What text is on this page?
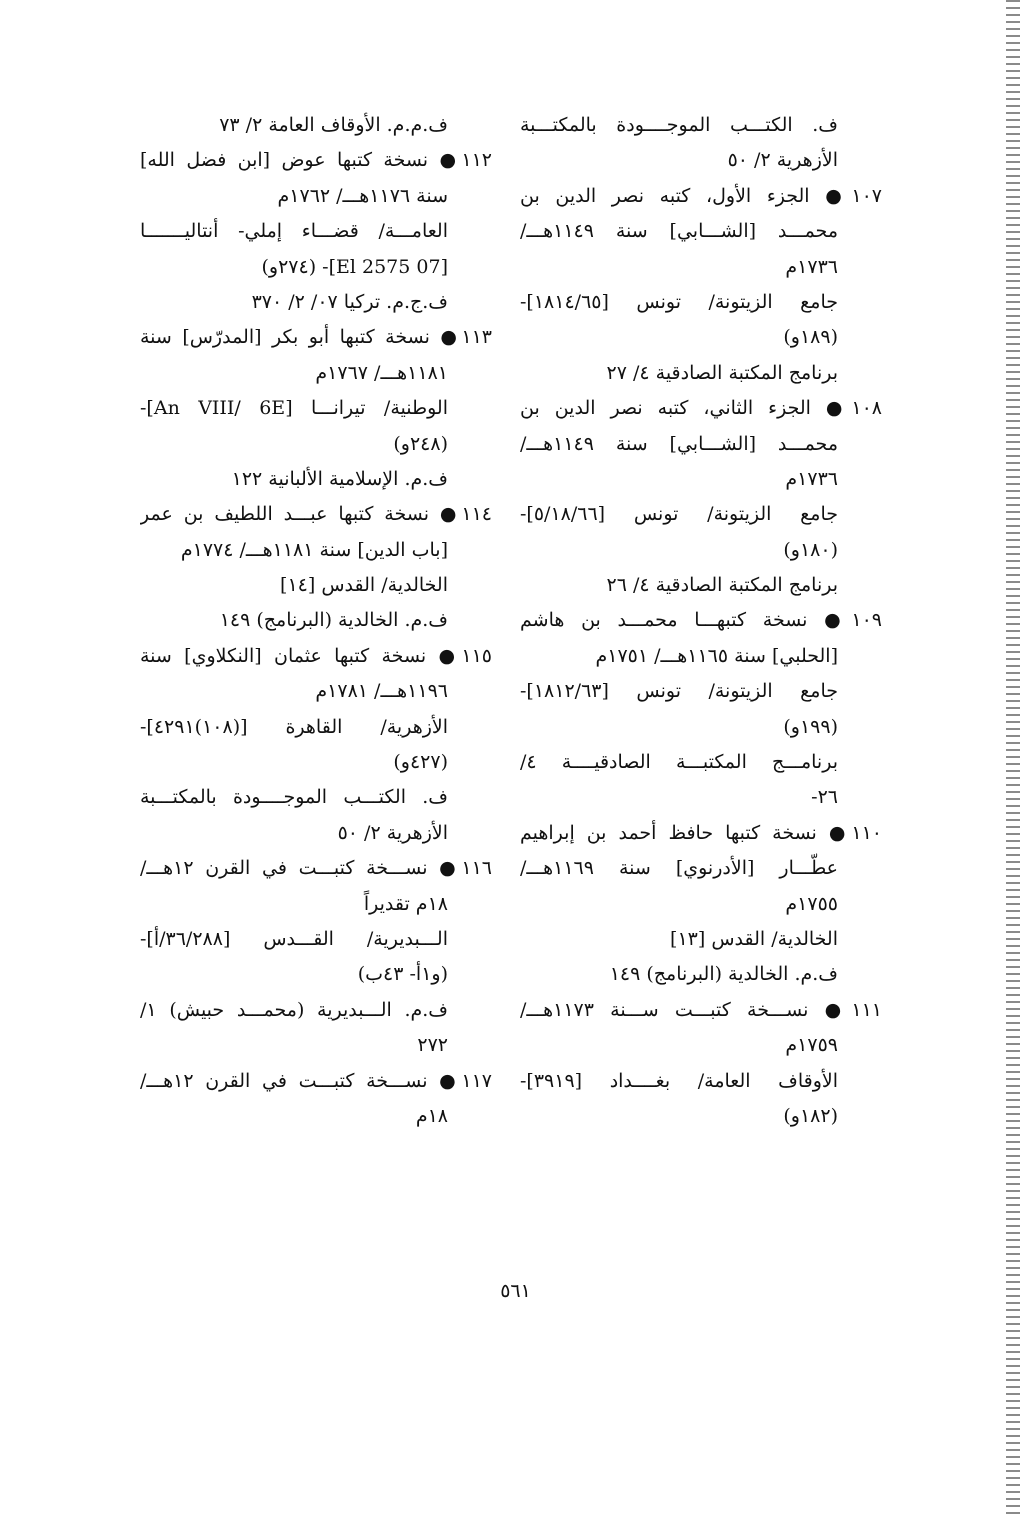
ف. الكتـــب الموجــــودة بالمكتـــبة
الأزهرية ٢/ ٥٠
١٠٧● الجزء الأول، كتبه نصر الدين بن
محمـــد [الشـــابي] سنة ١١٤٩هـــ/
١٧٣٦م
جامع الزيتونة/ تونس [١٨١٤/٦٥]-
(١٨٩و)
برنامج المكتبة الصادقية ٤/ ٢٧
١٠٨● الجزء الثاني، كتبه نصر الدين بن
محمـــد [الشـــابي] سنة ١١٤٩هـــ/
١٧٣٦م
جامع الزيتونة/ تونس [٥/١٨/٦٦]-
(١٨٠و)
برنامج المكتبة الصادقية ٤/ ٢٦
١٠٩● نسخة كتبهـــا محمـــد بن هاشم
[الحلبي] سنة ١١٦٥هـــ/ ١٧٥١م
جامع الزيتونة/ تونس [١٨١٢/٦٣]-
(١٩٩و)
برنامـــج المكتبـــة الصادقيــــة ٤/
٢٦-
١١٠● نسخة كتبها حافظ أحمد بن إبراهيم
عطّـــار [الأدرنوي] سنة ١١٦٩هـــ/
١٧٥٥م
الخالدية/ القدس [١٣]
ف.م. الخالدية (البرنامج) ١٤٩
١١١● نســـخة كتبـــت ســـنة ١١٧٣هـــ/
١٧٥٩م
الأوقاف العامة/ بغــــداد [٣٩١٩]-
(١٨٢و)
ف.م.م. الأوقاف العامة ٢/ ٧٣
١١٢● نسخة كتبها عوض [ابن فضل الله]
سنة ١١٧٦هـــ/ ١٧٦٢م
العامـــة/ قضـــاء إملي- أنتاليـــــــا
[07 El 2575]- (٢٧٤و)
ف.ج.م. تركيا ٠٧/ ٢/ ٣٧٠
١١٣● نسخة كتبها أبو بكر [المدرّس] سنة
١١٨١هـــ/ ١٧٦٧م
الوطنية/ تيرانـــا [An VIII/ 6E]-
(٢٤٨و)
ف.م. الإسلامية الألبانية ١٢٢
١١٤● نسخة كتبها عبـــد اللطيف بن عمر
[باب الدين] سنة ١١٨١هـــ/ ١٧٧٤م
الخالدية/ القدس [١٤]
ف.م. الخالدية (البرنامج) ١٤٩
١١٥● نسخة كتبها عثمان [النكلاوي] سنة
١١٩٦هـــ/ ١٧٨١م
الأزهرية/ القاهرة [(١٠٨)٤٢٩١]-
(٤٢٧و)
ف. الكتـــب الموجــــودة بالمكتـــبة
الأزهرية ٢/ ٥٠
١١٦● نســـخة كتبـــت في القرن ١٢هـــ/
١٨م تقديراً
الـــبديرية/ القـــدس [٣٦/٢٨٨/أ]-
(و١أ- ٤٣ب)
ف.م. الـــبديرية (محمـــد حبيش) ١/
٢٧٢
١١٧● نســـخة كتبـــت في القرن ١٢هـــ/
١٨م
٥٦١
